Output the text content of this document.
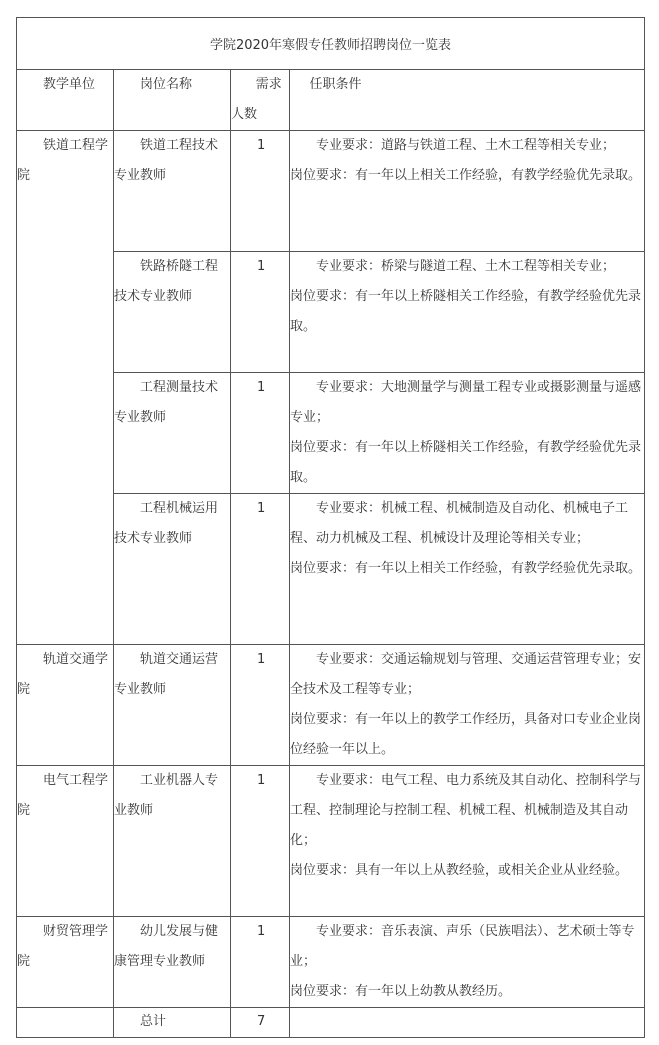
学院2020年寒假专任教师招聘岗位一览表			

教学单位	岗位名称	需求人数	任职条件

铁道工程学院	铁道工程技术专业教师	1	专业要求：道路与铁道工程、土木工程等相关专业；
岗位要求：有一年以上相关工作经验，有教学经验优先录取。

	铁路桥隧工程技术专业教师	1	专业要求：桥梁与隧道工程、土木工程等相关专业；
岗位要求：有一年以上桥隧相关工作经验，有教学经验优先录取。

	工程测量技术专业教师	1	专业要求：大地测量学与测量工程专业或摄影测量与遥感专业；
岗位要求：有一年以上桥隧相关工作经验，有教学经验优先录取。

	工程机械运用技术专业教师	1	专业要求：机械工程、机械制造及自动化、机械电子工程、动力机械及工程、机械设计及理论等相关专业；
岗位要求：有一年以上相关工作经验，有教学经验优先录取。

轨道交通学院	轨道交通运营专业教师	1	专业要求：交通运输规划与管理、交通运营管理专业；安全技术及工程等专业；
岗位要求：有一年以上的教学工作经历，具备对口专业企业岗位经验一年以上。

电气工程学院	工业机器人专业教师	1	专业要求：电气工程、电力系统及其自动化、控制科学与工程、控制理论与控制工程、机械工程、机械制造及其自动化；
岗位要求：具有一年以上从教经验，或相关企业从业经验。

财贸管理学院	幼儿发展与健康管理专业教师	1	专业要求：音乐表演、声乐（民族唱法）、艺术硕士等专业；
岗位要求：有一年以上幼教从教经历。

	总计	7	
